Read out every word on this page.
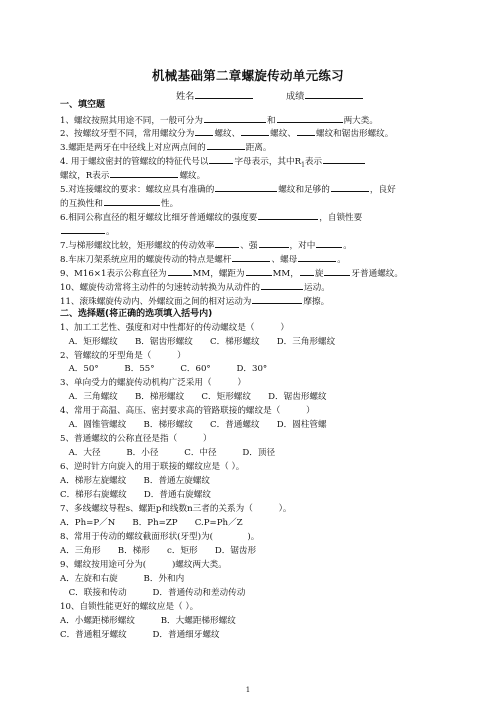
机械基础第二章螺旋传动单元练习
姓名	成绩
一、填空题
1、螺纹按照其用途不同，一般可分为	和	两大类。
2、按螺纹牙型不同，常用螺纹分为 螺纹、	螺纹、 螺纹和锯齿形螺纹。
3.螺距是两牙在中径线上对应两点间的	距离。
4. 用于螺纹密封的管螺纹的特征代号以	字母表示，其中$R_1$表示
螺纹，R表示	螺纹。
5.对连接螺纹的要求：螺纹应具有准确的	螺纹和足够的	，良好
的互换性和	性。
6.相同公称直径的粗牙螺纹比细牙普通螺纹的强度要	，自锁性要
。
7.与梯形螺纹比较，矩形螺纹的传动效率	、强	，对中	。
8.车床刀架系统应用的螺旋传动的特点是螺杆	、螺母	。
9、M16×1表示公称直径为	MM，螺距为	MM， 旋	牙普通螺纹。
10、螺旋传动常将主动件的匀速转动转换为从动件的	运动。
11、滚珠螺旋传动内、外螺纹面之间的相对运动为	摩擦。
二、选择题(将正确的选项填入括号内)
1、加工工艺性、强度和对中性都好的传动螺纹是（　　　）
　A．矩形螺纹　　B．锯齿形螺纹　　C．梯形螺纹　　D．三角形螺纹
2、管螺纹的牙型角是（　　　）
　A．50°　　　B．55°　　　C．60°　　　D．30°
3、单向受力的螺旋传动机构广泛采用（　　　）
　A．三角螺纹　　B．梯形螺纹　　C．矩形螺纹　　D．锯齿形螺纹
4、常用于高温、高压、密封要求高的管路联接的螺纹是（　　　）
　A．圆锥管螺纹　　B．梯形螺纹　　C．普通螺纹　　D．圆柱管螺
5、普通螺纹的公称直径是指（　　　）
　A．大径　　　B．小径　　　C．中径　　　D．顶径
6、逆时针方向旋入的用于联接的螺纹应是（ ）。
A．梯形左旋螺纹　　B．普通左旋螺纹
C．梯形右旋螺纹　　D．普通右旋螺纹
7、多线螺纹导程s、螺距p和线数n三者的关系为（　　　）。
A．Ph=P／N　　B．Ph=ZP　　C.P=Ph／Z
8、常用于传动的螺纹截面形状(牙型)为(　　　　)。
A．三角形　　B．梯形　　c．矩形　　D．锯齿形
9、螺纹按用途可分为(　　　)螺纹两大类。
A．左旋和右旋　　　B．外和内
　C．联接和传动　　　D．普通传动和差动传动
10、自锁性能更好的螺纹应是（ ）。
A．小螺距梯形螺纹　　　B．大螺距梯形螺纹
C．普通粗牙螺纹　　　D．普通细牙螺纹
1
